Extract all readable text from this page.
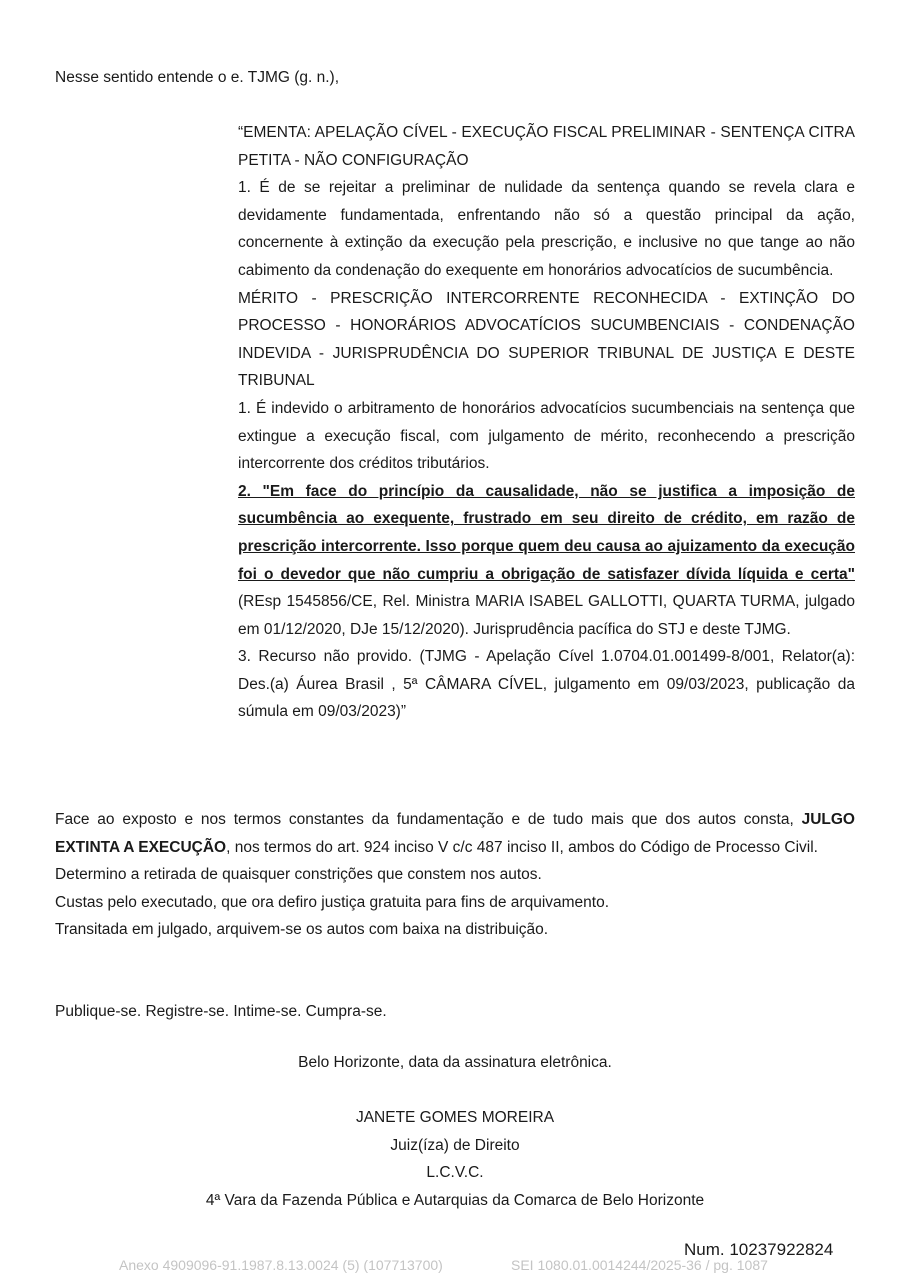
Nesse sentido entende o e. TJMG (g. n.),

“EMENTA: APELAÇÃO CÍVEL - EXECUÇÃO FISCAL PRELIMINAR - SENTENÇA CITRA PETITA - NÃO CONFIGURAÇÃO

1. É de se rejeitar a preliminar de nulidade da sentença quando se revela clara e devidamente fundamentada, enfrentando não só a questão principal da ação, concernente à extinção da execução pela prescrição, e inclusive no que tange ao não cabimento da condenação do exequente em honorários advocatícios de sucumbência.

MÉRITO - PRESCRIÇÃO INTERCORRENTE RECONHECIDA - EXTINÇÃO DO PROCESSO - HONORÁRIOS ADVOCATÍCIOS SUCUMBENCIAIS - CONDENAÇÃO INDEVIDA - JURISPRUDÊNCIA DO SUPERIOR TRIBUNAL DE JUSTIÇA E DESTE TRIBUNAL

1. É indevido o arbitramento de honorários advocatícios sucumbenciais na sentença que extingue a execução fiscal, com julgamento de mérito, reconhecendo a prescrição intercorrente dos créditos tributários.

2. "Em face do princípio da causalidade, não se justifica a imposição de sucumbência ao exequente, frustrado em seu direito de crédito, em razão de prescrição intercorrente. Isso porque quem deu causa ao ajuizamento da execução foi o devedor que não cumpriu a obrigação de satisfazer dívida líquida e certa" (REsp 1545856/CE, Rel. Ministra MARIA ISABEL GALLOTTI, QUARTA TURMA, julgado em 01/12/2020, DJe 15/12/2020). Jurisprudência pacífica do STJ e deste TJMG.

3. Recurso não provido. (TJMG - Apelação Cível 1.0704.01.001499-8/001, Relator(a): Des.(a) Áurea Brasil , 5ª CÂMARA CÍVEL, julgamento em 09/03/2023, publicação da súmula em 09/03/2023)”

Face ao exposto e nos termos constantes da fundamentação e de tudo mais que dos autos consta, JULGO EXTINTA A EXECUÇÃO, nos termos do art. 924 inciso V c/c 487 inciso II, ambos do Código de Processo Civil.

Determino a retirada de quaisquer constrições que constem nos autos.

Custas pelo executado, que ora defiro justiça gratuita para fins de arquivamento.

Transitada em julgado, arquivem-se os autos com baixa na distribuição.

Publique-se. Registre-se. Intime-se. Cumpra-se.
Belo Horizonte, data da assinatura eletrônica.
JANETE GOMES MOREIRA
Juiz(íza) de Direito
L.C.V.C.
4ª Vara da Fazenda Pública e Autarquias da Comarca de Belo Horizonte
Num. 10237922824
Anexo 4909096-91.1987.8.13.0024 (5) (107713700)	SEI 1080.01.0014244/2025-36 / pg. 1087
